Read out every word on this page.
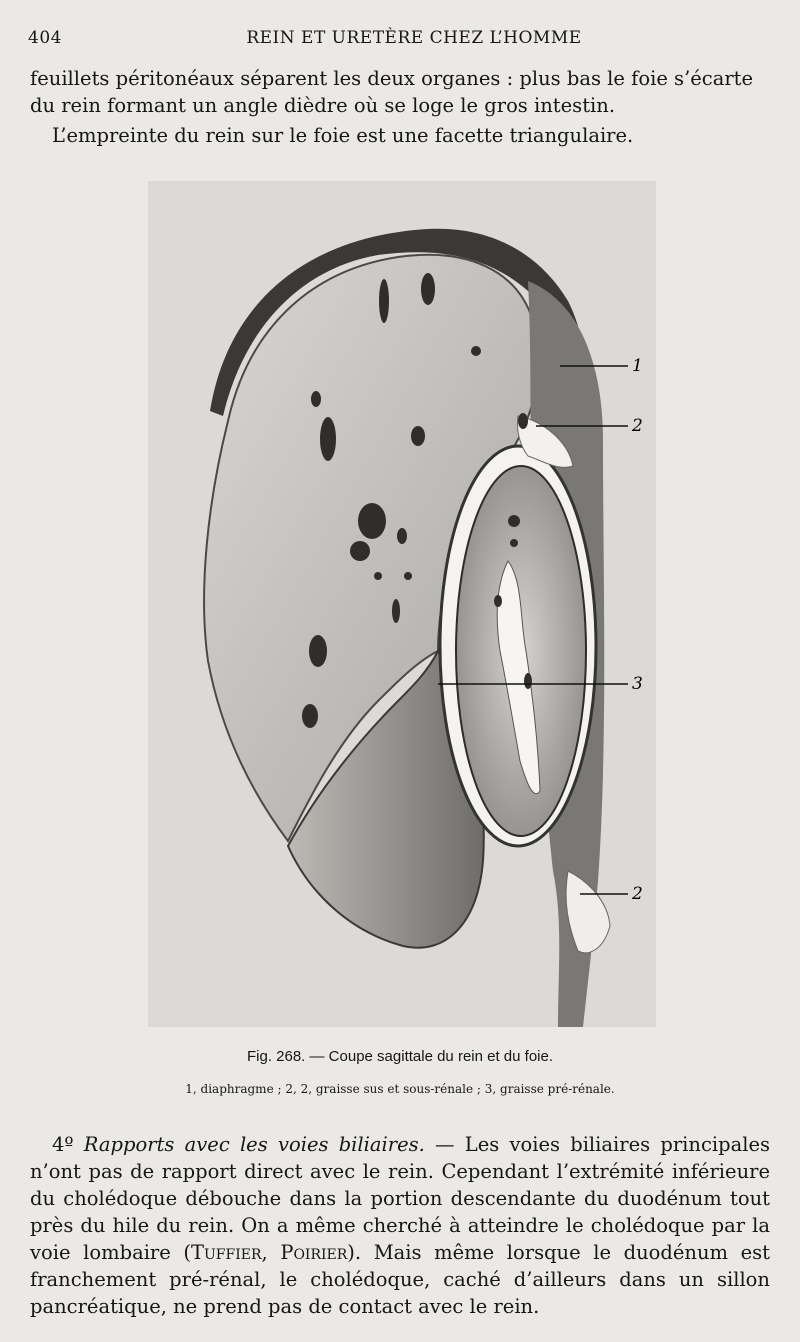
404	REIN ET URETÈRE CHEZ L’HOMME

feuillets péritonéaux séparent les deux organes : plus bas le foie s’écarte
du rein formant un angle dièdre où se loge le gros intestin.

L’empreinte du rein sur le foie est une facette triangulaire.

1
2
2
3
Fig. 268. — Coupe sagittale du rein et du foie.
1, diaphragme ; 2, 2, graisse sus et sous-rénale ; 3, graisse pré-rénale.

4º Rapports avec les voies biliaires. — Les voies biliaires principales n’ont pas de rapport direct avec le rein. Cependant l’extrémité inférieure du cholédoque débouche dans la portion descendante du duodénum tout près du hile du rein. On a même cherché à atteindre le cholédoque par la voie lombaire (Tuffier, Poirier). Mais même lorsque le duodénum est franchement pré-rénal, le cholédoque, caché d’ailleurs dans un sillon pancréatique, ne prend pas de contact avec le rein.
